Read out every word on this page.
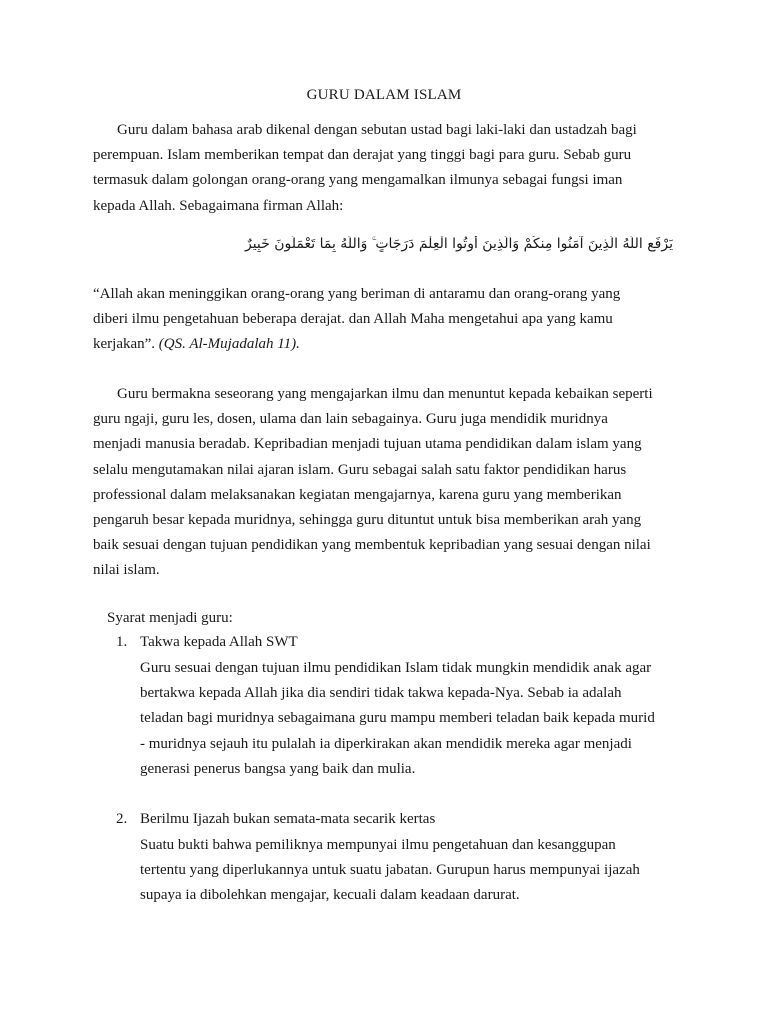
GURU DALAM ISLAM

Guru dalam bahasa arab dikenal dengan sebutan ustad bagi laki-laki dan ustadzah bagi
perempuan. Islam memberikan tempat dan derajat yang tinggi bagi para guru. Sebab guru
termasuk dalam golongan orang-orang yang mengamalkan ilmunya sebagai fungsi iman
kepada Allah. Sebagaimana firman Allah:

يَرْفَعِ اللَّهُ الَّذِينَ آمَنُوا مِنكُمْ وَالَّذِينَ أُوتُوا الْعِلْمَ دَرَجَاتٍ ۚ وَاللَّهُ بِمَا تَعْمَلُونَ خَبِيرٌ

“Allah akan meninggikan orang-orang yang beriman di antaramu dan orang-orang yang
diberi ilmu pengetahuan beberapa derajat. dan Allah Maha mengetahui apa yang kamu
kerjakan”. (QS. Al-Mujadalah 11).

Guru bermakna seseorang yang mengajarkan ilmu dan menuntut kepada kebaikan seperti
guru ngaji, guru les, dosen, ulama dan lain sebagainya. Guru juga mendidik muridnya
menjadi manusia beradab. Kepribadian menjadi tujuan utama pendidikan dalam islam yang
selalu mengutamakan nilai ajaran islam. Guru sebagai salah satu faktor pendidikan harus
professional dalam melaksanakan kegiatan mengajarnya, karena guru yang memberikan
pengaruh besar kepada muridnya, sehingga guru dituntut untuk bisa memberikan arah yang
baik sesuai dengan tujuan pendidikan yang membentuk kepribadian yang sesuai dengan nilai
nilai islam.

Syarat menjadi guru:
1. Takwa kepada Allah SWT

Guru sesuai dengan tujuan ilmu pendidikan Islam tidak mungkin mendidik anak agar
bertakwa kepada Allah jika dia sendiri tidak takwa kepada-Nya. Sebab ia adalah
teladan bagi muridnya sebagaimana guru mampu memberi teladan baik kepada murid
- muridnya sejauh itu pulalah ia diperkirakan akan mendidik mereka agar menjadi
generasi penerus bangsa yang baik dan mulia.

2. Berilmu Ijazah bukan semata-mata secarik kertas

Suatu bukti bahwa pemiliknya mempunyai ilmu pengetahuan dan kesanggupan
tertentu yang diperlukannya untuk suatu jabatan. Gurupun harus mempunyai ijazah
supaya ia dibolehkan mengajar, kecuali dalam keadaan darurat.
